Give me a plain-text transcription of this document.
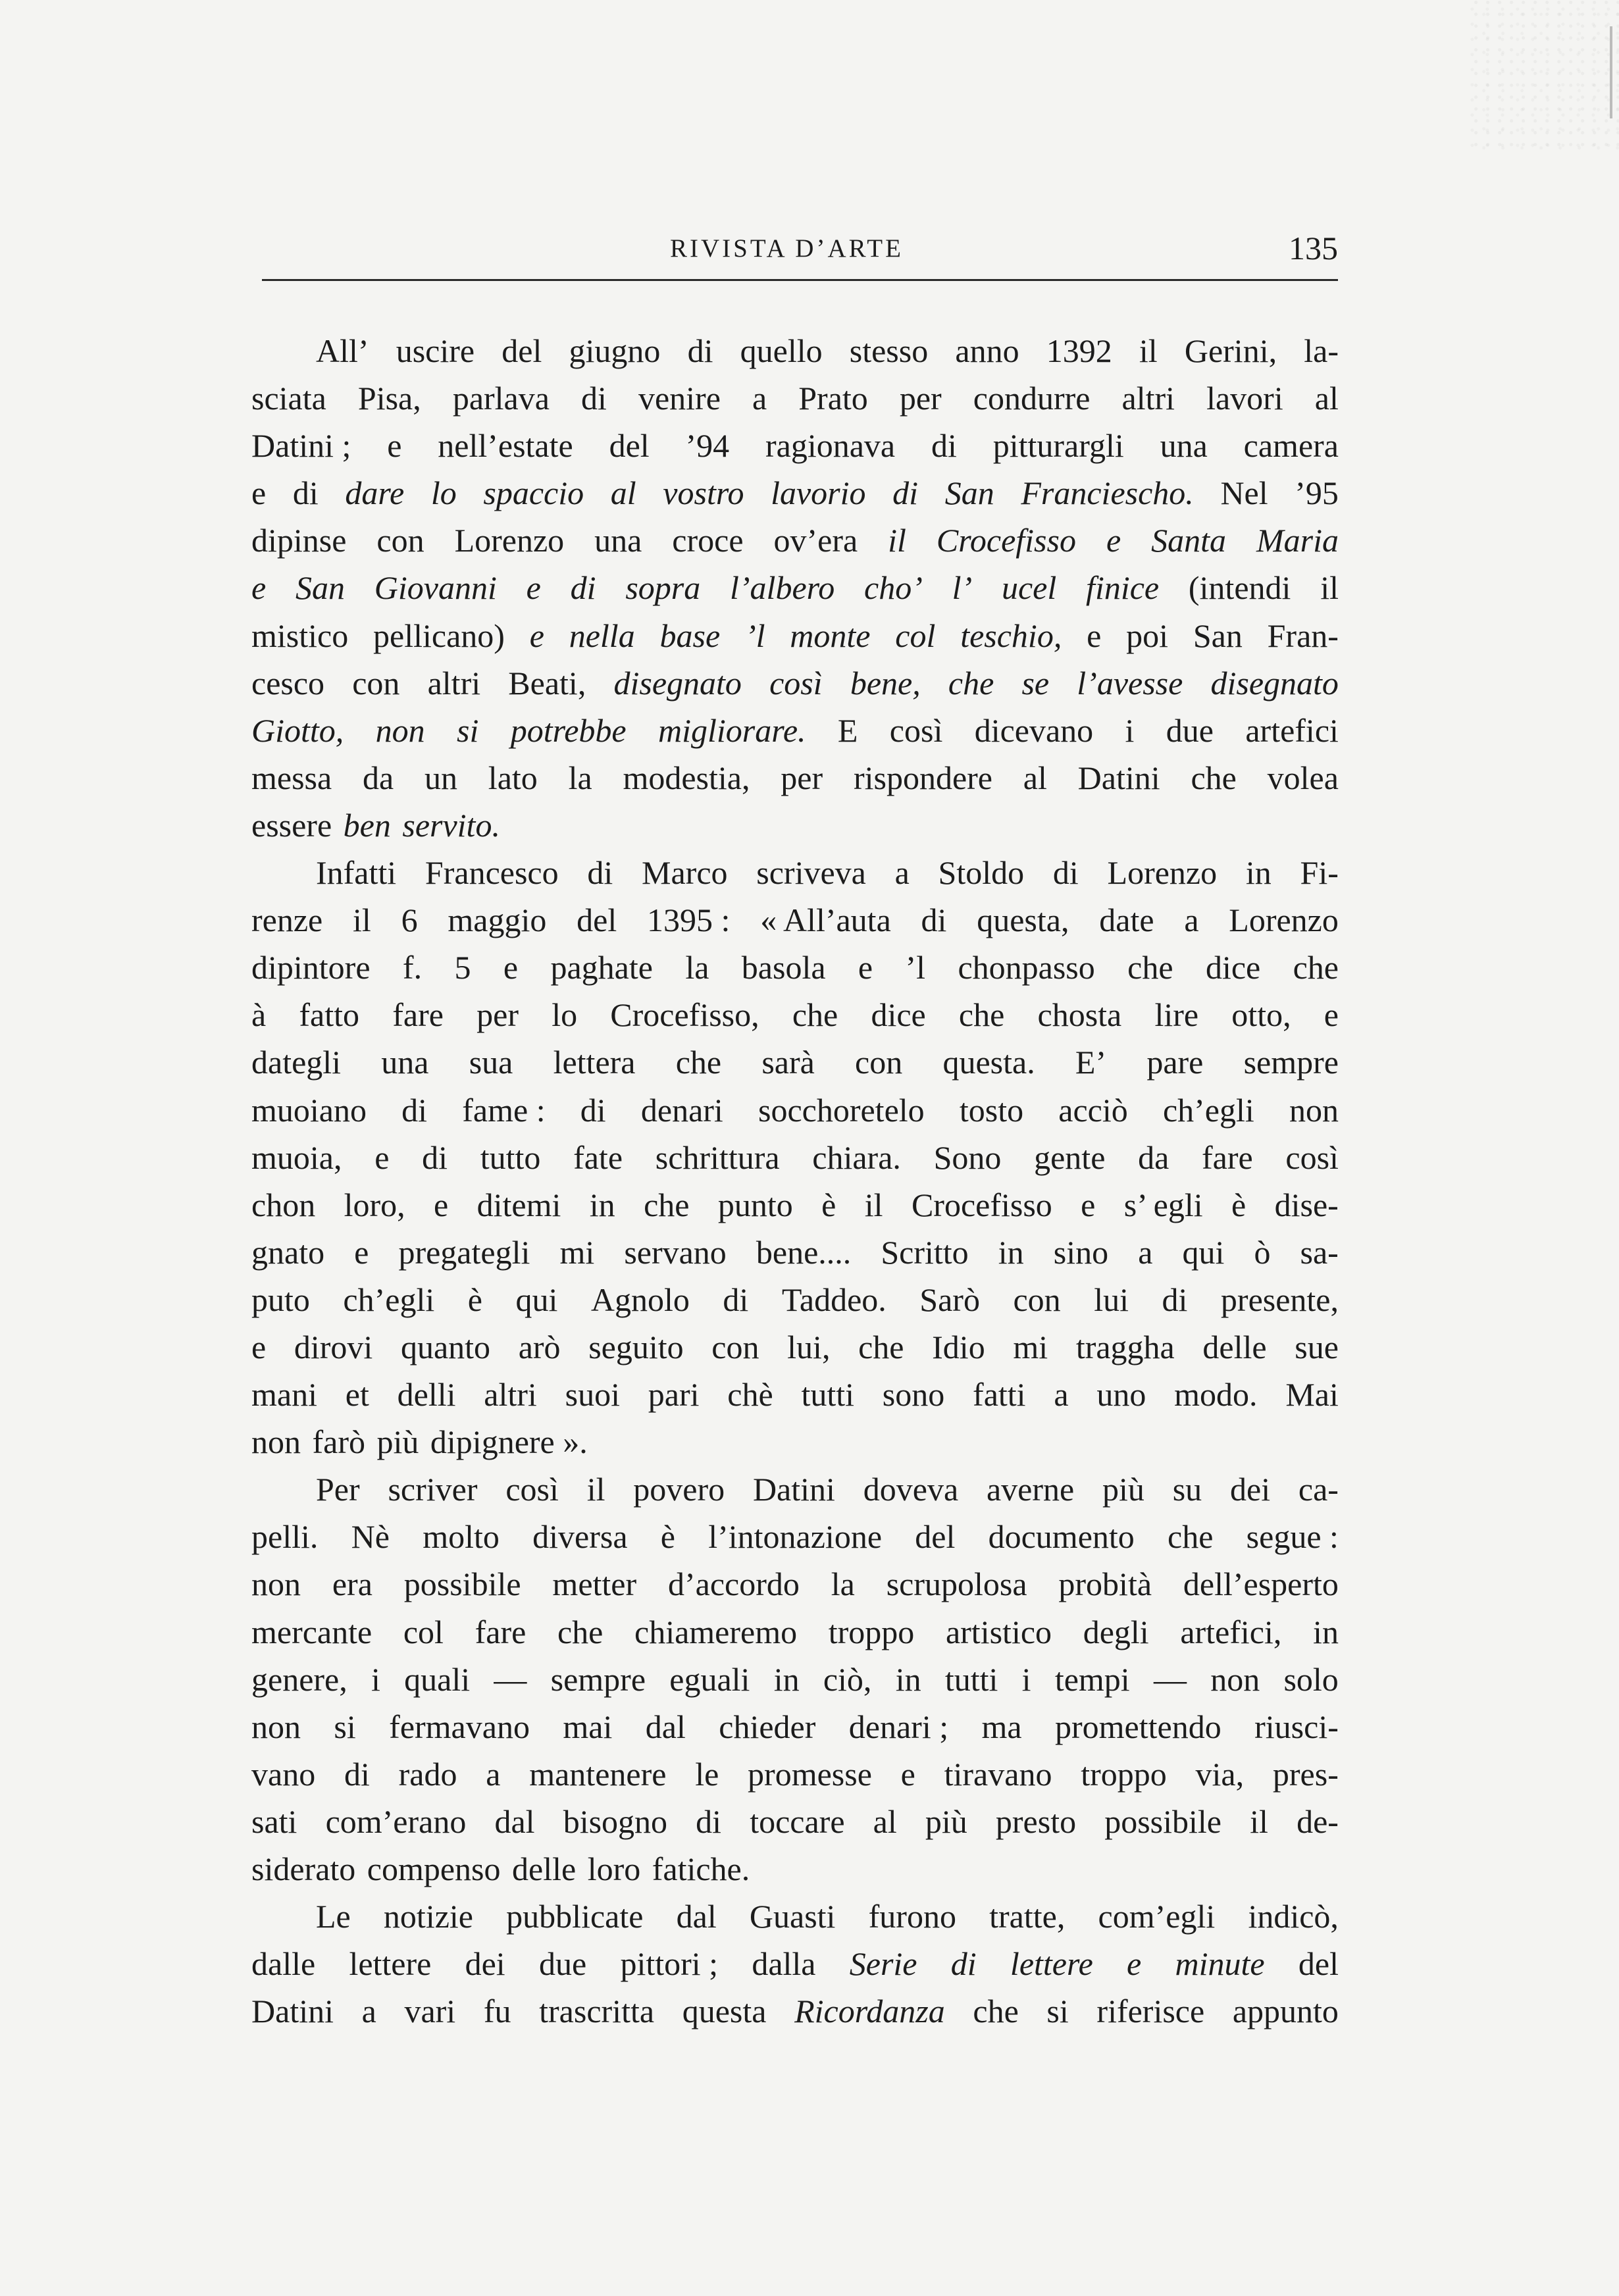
RIVISTA D’ARTE	135
All’ uscire del giugno di quello stesso anno 1392 il Gerini, la-
sciata Pisa, parlava di venire a Prato per condurre altri lavori al
Datini ; e nell’estate del ’94 ragionava di pitturargli una camera
e di dare lo spaccio al vostro lavorio di San Franciescho. Nel ’95
dipinse con Lorenzo una croce ov’era il Crocefisso e Santa Maria
e San Giovanni e di sopra l’albero cho’ l’ ucel finice (intendi il
mistico pellicano) e nella base ’l monte col teschio, e poi San Fran-
cesco con altri Beati, disegnato così bene, che se l’avesse disegnato
Giotto, non si potrebbe migliorare. E così dicevano i due artefici
messa da un lato la modestia, per rispondere al Datini che volea
essere ben servito.
Infatti Francesco di Marco scriveva a Stoldo di Lorenzo in Fi-
renze il 6 maggio del 1395 : « All’auta di questa, date a Lorenzo
dipintore f. 5 e paghate la basola e ’l chonpasso che dice che
à fatto fare per lo Crocefisso, che dice che chosta lire otto, e
dategli una sua lettera che sarà con questa. E’ pare sempre
muoiano di fame : di denari socchoretelo tosto acciò ch’egli non
muoia, e di tutto fate schrittura chiara. Sono gente da fare così
chon loro, e ditemi in che punto è il Crocefisso e s’ egli è dise-
gnato e pregategli mi servano bene.... Scritto in sino a qui ò sa-
puto ch’egli è qui Agnolo di Taddeo. Sarò con lui di presente,
e dirovi quanto arò seguito con lui, che Idio mi traggha delle sue
mani et delli altri suoi pari chè tutti sono fatti a uno modo. Mai
non farò più dipignere ».
Per scriver così il povero Datini doveva averne più su dei ca-
pelli. Nè molto diversa è l’intonazione del documento che segue :
non era possibile metter d’accordo la scrupolosa probità dell’esperto
mercante col fare che chiameremo troppo artistico degli artefici, in
genere, i quali — sempre eguali in ciò, in tutti i tempi — non solo
non si fermavano mai dal chieder denari ; ma promettendo riusci-
vano di rado a mantenere le promesse e tiravano troppo via, pres-
sati com’erano dal bisogno di toccare al più presto possibile il de-
siderato compenso delle loro fatiche.
Le notizie pubblicate dal Guasti furono tratte, com’egli indicò,
dalle lettere dei due pittori ; dalla Serie di lettere e minute del
Datini a vari fu trascritta questa Ricordanza che si riferisce appunto
